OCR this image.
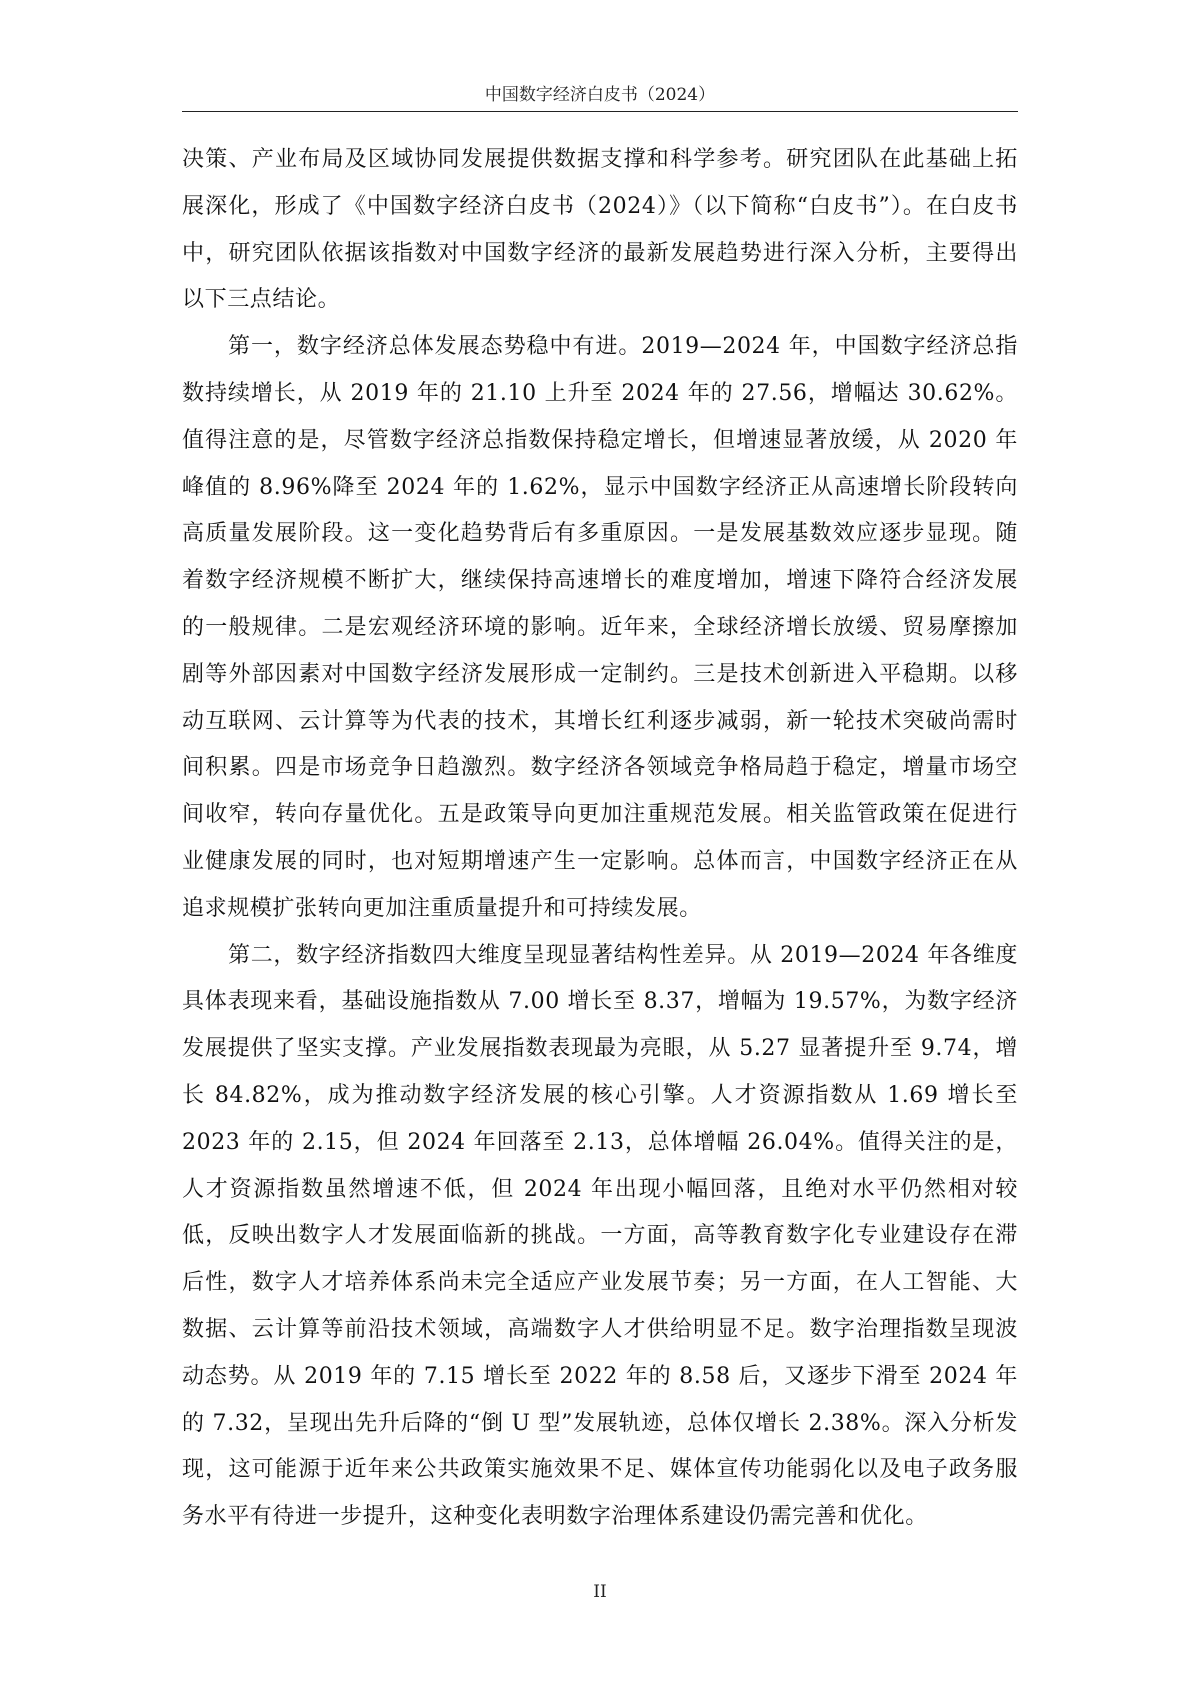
中国数字经济白皮书（2024）

决策、产业布局及区域协同发展提供数据支撑和科学参考。研究团队在此基础上拓展深化，形成了《中国数字经济白皮书（2024）》（以下简称“白皮书”）。在白皮书中，研究团队依据该指数对中国数字经济的最新发展趋势进行深入分析，主要得出以下三点结论。

第一，数字经济总体发展态势稳中有进。2019—2024 年，中国数字经济总指数持续增长，从 2019 年的 21.10 上升至 2024 年的 27.56，增幅达 30.62%。值得注意的是，尽管数字经济总指数保持稳定增长，但增速显著放缓，从 2020 年峰值的 8.96%降至 2024 年的 1.62%，显示中国数字经济正从高速增长阶段转向高质量发展阶段。这一变化趋势背后有多重原因。一是发展基数效应逐步显现。随着数字经济规模不断扩大，继续保持高速增长的难度增加，增速下降符合经济发展的一般规律。二是宏观经济环境的影响。近年来，全球经济增长放缓、贸易摩擦加剧等外部因素对中国数字经济发展形成一定制约。三是技术创新进入平稳期。以移动互联网、云计算等为代表的技术，其增长红利逐步减弱，新一轮技术突破尚需时间积累。四是市场竞争日趋激烈。数字经济各领域竞争格局趋于稳定，增量市场空间收窄，转向存量优化。五是政策导向更加注重规范发展。相关监管政策在促进行业健康发展的同时，也对短期增速产生一定影响。总体而言，中国数字经济正在从追求规模扩张转向更加注重质量提升和可持续发展。

第二，数字经济指数四大维度呈现显著结构性差异。从 2019—2024 年各维度具体表现来看，基础设施指数从 7.00 增长至 8.37，增幅为 19.57%，为数字经济发展提供了坚实支撑。产业发展指数表现最为亮眼，从 5.27 显著提升至 9.74，增长 84.82%，成为推动数字经济发展的核心引擎。人才资源指数从 1.69 增长至 2023 年的 2.15，但 2024 年回落至 2.13，总体增幅 26.04%。值得关注的是，人才资源指数虽然增速不低，但 2024 年出现小幅回落，且绝对水平仍然相对较低，反映出数字人才发展面临新的挑战。一方面，高等教育数字化专业建设存在滞后性，数字人才培养体系尚未完全适应产业发展节奏；另一方面，在人工智能、大数据、云计算等前沿技术领域，高端数字人才供给明显不足。数字治理指数呈现波动态势。从 2019 年的 7.15 增长至 2022 年的 8.58 后，又逐步下滑至 2024 年的 7.32，呈现出先升后降的“倒 U 型”发展轨迹，总体仅增长 2.38%。深入分析发现，这可能源于近年来公共政策实施效果不足、媒体宣传功能弱化以及电子政务服务水平有待进一步提升，这种变化表明数字治理体系建设仍需完善和优化。

II
